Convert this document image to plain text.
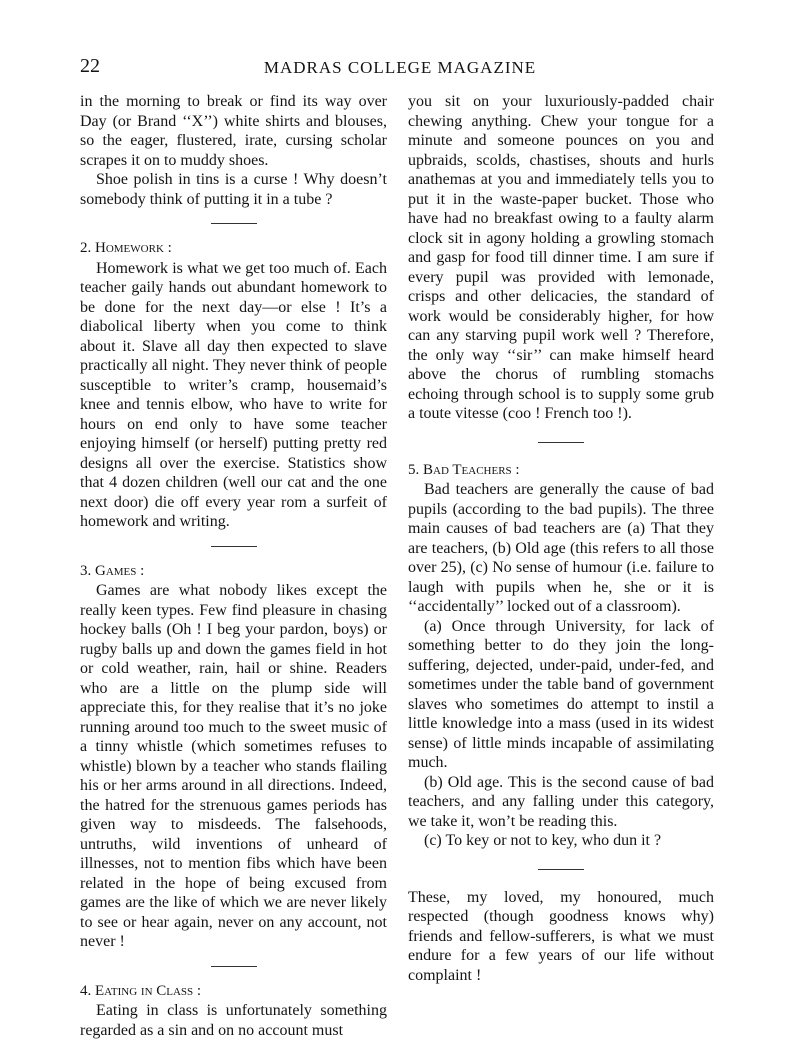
22	MADRAS COLLEGE MAGAZINE

in the morning to break or find its way over Day (or Brand ‘‘X’’) white shirts and blouses, so the eager, flustered, irate, cursing scholar scrapes it on to muddy shoes.

Shoe polish in tins is a curse ! Why doesn’t somebody think of putting it in a tube ?

2. Homework :

Homework is what we get too much of. Each teacher gaily hands out abundant homework to be done for the next day—or else ! It’s a diabolical liberty when you come to think about it. Slave all day then expected to slave practically all night. They never think of people susceptible to writer’s cramp, housemaid’s knee and tennis elbow, who have to write for hours on end only to have some teacher enjoying himself (or herself) putting pretty red designs all over the exercise. Statistics show that 4 dozen children (well our cat and the one next door) die off every year rom a surfeit of homework and writing.

3. Games :

Games are what nobody likes except the really keen types. Few find pleasure in chasing hockey balls (Oh ! I beg your pardon, boys) or rugby balls up and down the games field in hot or cold weather, rain, hail or shine. Readers who are a little on the plump side will appreciate this, for they realise that it’s no joke running around too much to the sweet music of a tinny whistle (which sometimes refuses to whistle) blown by a teacher who stands flailing his or her arms around in all directions. Indeed, the hatred for the strenuous games periods has given way to misdeeds. The falsehoods, untruths, wild inventions of unheard of illnesses, not to mention fibs which have been related in the hope of being excused from games are the like of which we are never likely to see or hear again, never on any account, not never !

4. Eating in Class :

Eating in class is unfortunately something regarded as a sin and on no account must

you sit on your luxuriously-padded chair chewing anything. Chew your tongue for a minute and someone pounces on you and upbraids, scolds, chastises, shouts and hurls anathemas at you and immediately tells you to put it in the waste-paper bucket. Those who have had no breakfast owing to a faulty alarm clock sit in agony holding a growling stomach and gasp for food till dinner time. I am sure if every pupil was provided with lemonade, crisps and other delicacies, the standard of work would be considerably higher, for how can any starving pupil work well ? Therefore, the only way ‘‘sir’’ can make himself heard above the chorus of rumbling stomachs echoing through school is to supply some grub a toute vitesse (coo ! French too !).

5. Bad Teachers :

Bad teachers are generally the cause of bad pupils (according to the bad pupils). The three main causes of bad teachers are (a) That they are teachers, (b) Old age (this refers to all those over 25), (c) No sense of humour (i.e. failure to laugh with pupils when he, she or it is ‘‘accidentally’’ locked out of a classroom).

(a) Once through University, for lack of something better to do they join the long-suffering, dejected, under-paid, under-fed, and sometimes under the table band of government slaves who sometimes do attempt to instil a little knowledge into a mass (used in its widest sense) of little minds incapable of assimilating much.

(b) Old age. This is the second cause of bad teachers, and any falling under this category, we take it, won’t be reading this.

(c) To key or not to key, who dun it ?

These, my loved, my honoured, much respected (though goodness knows why) friends and fellow-sufferers, is what we must endure for a few years of our life without complaint !
